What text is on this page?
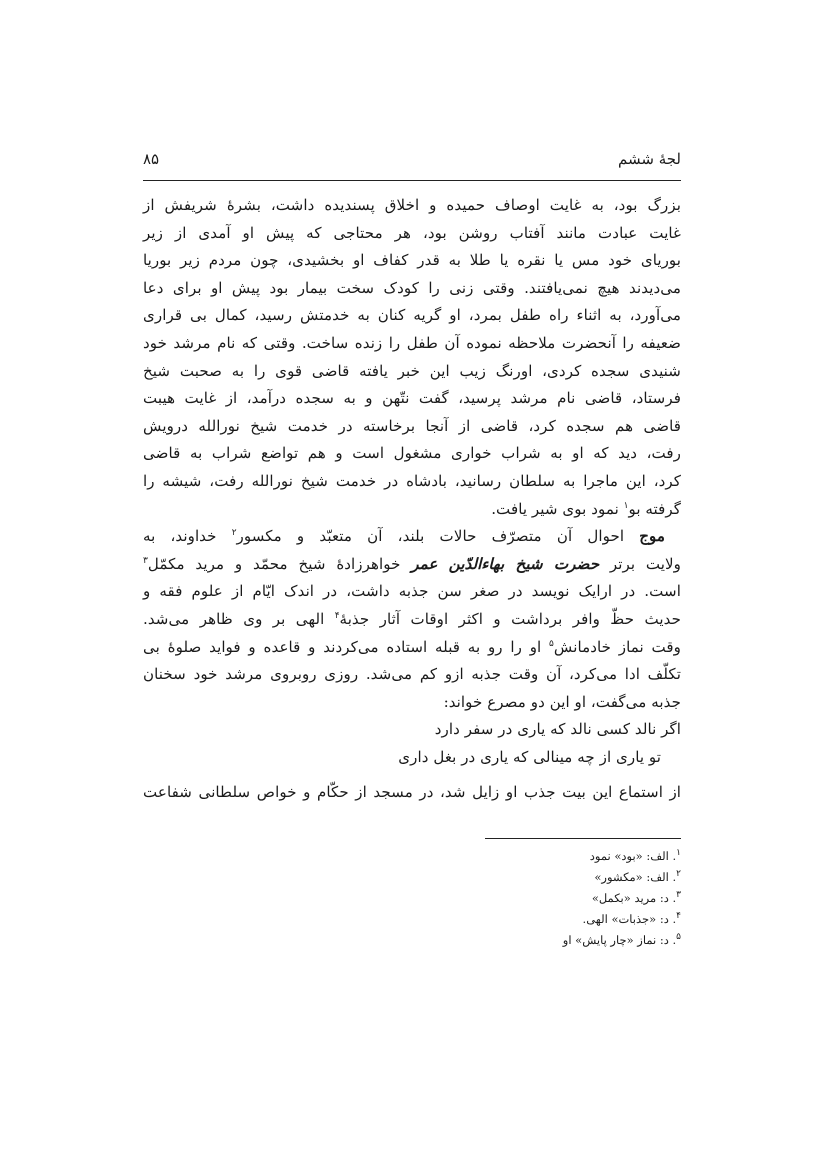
لجۀ ششم
۸۵

بزرگ بود، به غایت اوصاف حمیده و اخلاق پسندیده داشت، بشرهٔ شریفش از
غایت عبادت مانند آفتاب روشن بود، هر محتاجی که پیش او آمدی از زیر
بوریای خود مس یا نقره یا طلا به قدر کفاف او بخشیدی، چون مردم زیر بوریا
می‌دیدند هیچ نمی‌یافتند. وقتی زنی را کودک سخت بیمار بود پیش او برای دعا
می‌آورد، به اثناء راه طفل بمرد، او گریه کنان به خدمتش رسید، کمال بی قراری
ضعیفه را آنحضرت ملاحظه نموده آن طفل را زنده ساخت. وقتی که نام مرشد خود
شنیدی سجده کردی، اورنگ زیب این خبر یافته قاضی قوی را به صحبت شیخ
فرستاد، قاضی نام مرشد پرسید، گفت نتّهن و به سجده درآمد، از غایت هیبت
قاضی هم سجده کرد، قاضی از آنجا برخاسته در خدمت شیخ نورالله درویش
رفت، دید که او به شراب خواری مشغول است و هم تواضع شراب به قاضی
کرد، این ماجرا به سلطان رسانید، بادشاه در خدمت شیخ نورالله رفت، شیشه را
گرفته بو$^۱$ نمود بوی شیر یافت.

موج احوال آن متصرّف حالات بلند، آن متعبّد و مکسور$^۲$ خداوند، به
ولایت برتر حضرت شیخ بهاءالدّین عمر خواهرزادهٔ شیخ محمّد و مرید مکمّل$^۳$
است. در ارایک نویسد در صغر سن جذبه داشت، در اندک ایّام از علوم فقه و
حدیث حظّ وافر برداشت و اکثر اوقات آثار جذبهٔ$^۴$ الهی بر وی ظاهر می‌شد.
وقت نماز خادمانش$^۵$ او را رو به قبله استاده می‌کردند و قاعده و فواید صلوهٔ بی
تکلّف ادا می‌کرد، آن وقت جذبه ازو کم می‌شد. روزی روبروی مرشد خود سخنان
جذبه می‌گفت، او این دو مصرع خواند:
اگر نالد کسی نالد که یاری در سفر دارد
تو یاری از چه مینالی که یاری در بغل داری

از استماع این بیت جذب او زایل شد، در مسجد از حکّام و خواص سلطانی شفاعت

$^۱$. الف: «بود» نمود
$^۲$. الف: «مکشور»
$^۳$. د: مرید «بکمل»
$^۴$. د: «جذبات» الهی.
$^۵$. د: نماز «چار پایش» او
